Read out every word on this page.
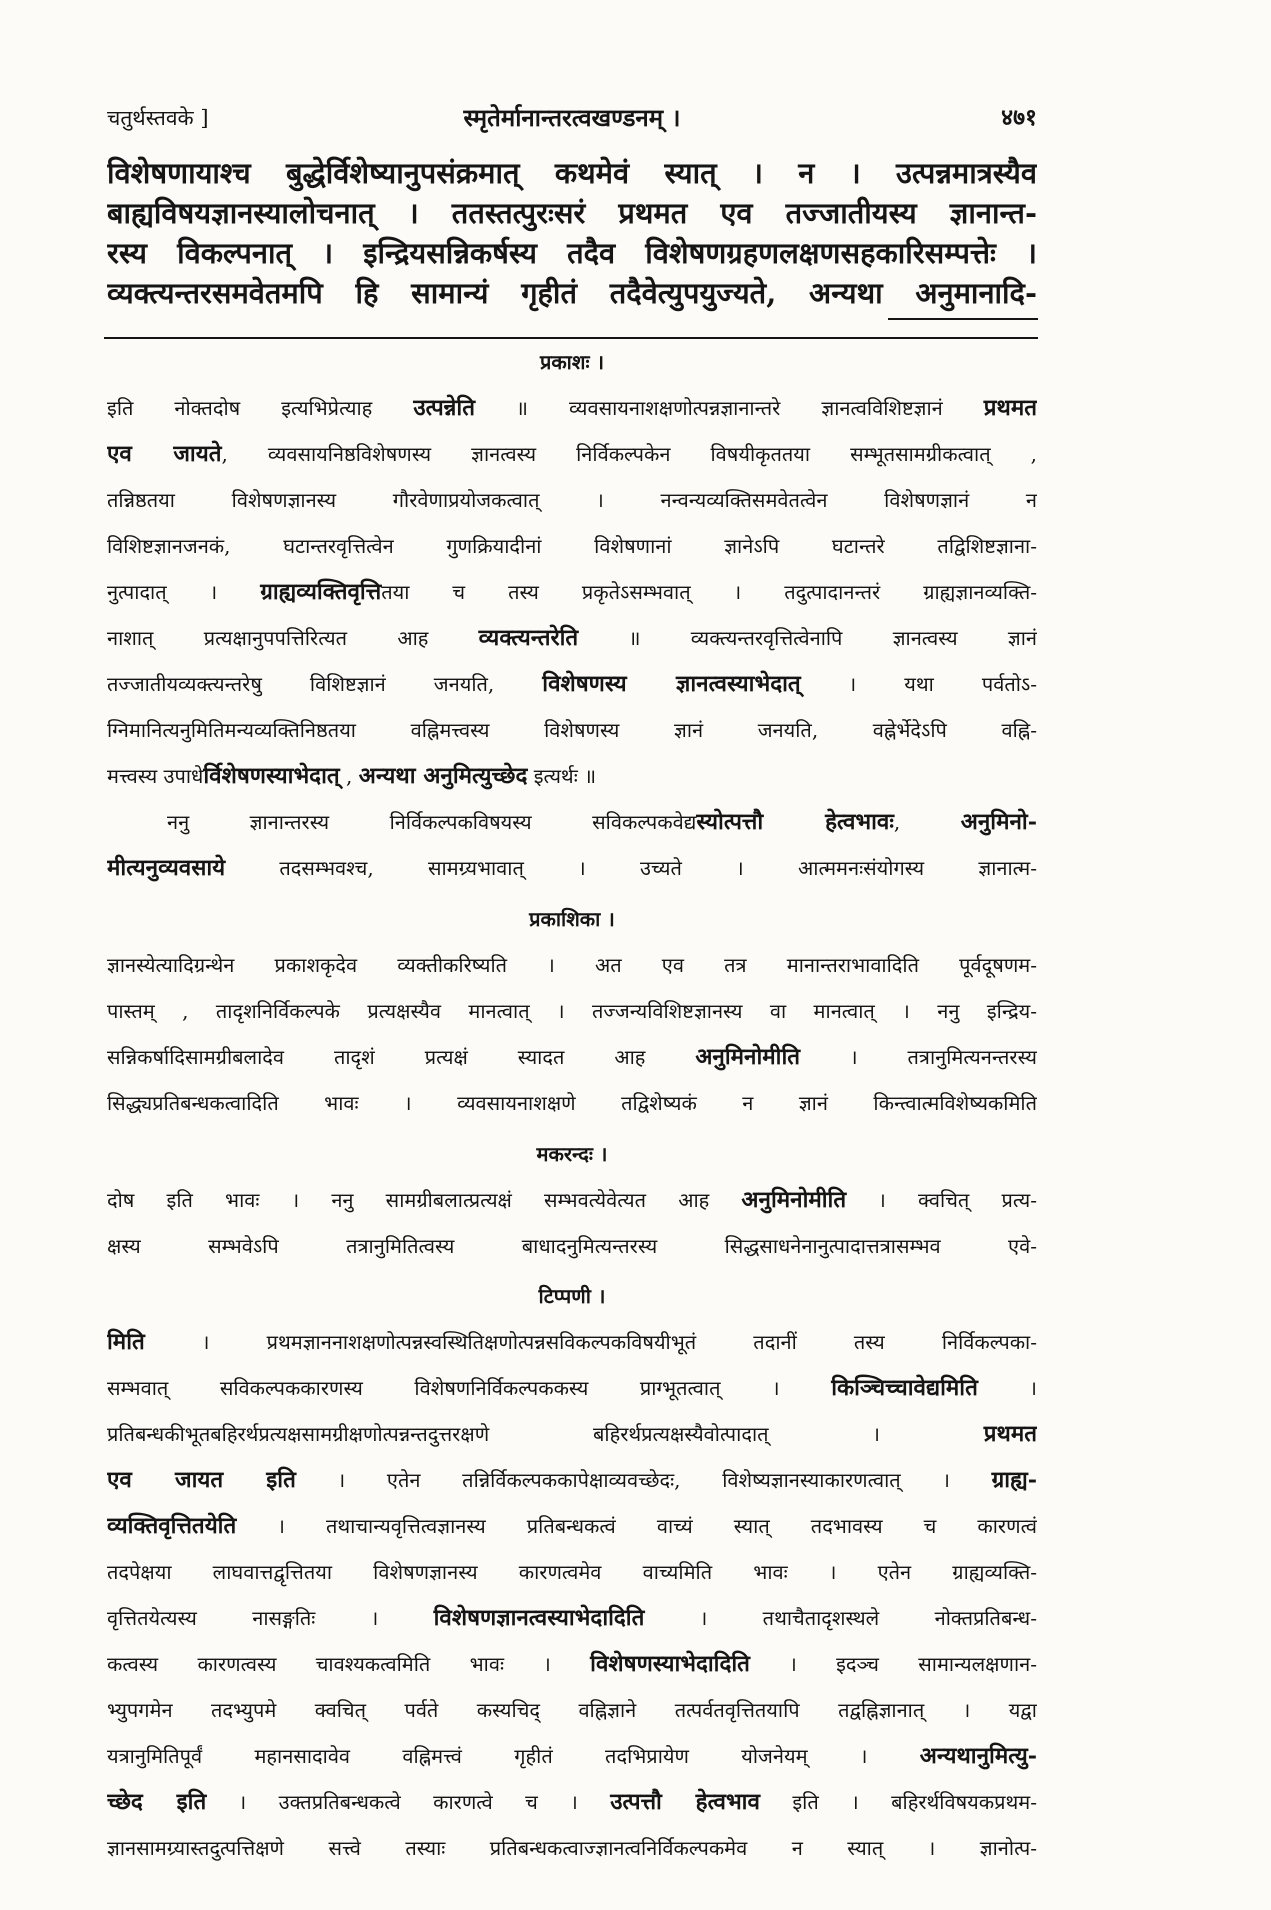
चतुर्थस्तवके ]	स्मृतेर्मानान्तरत्वखण्डनम् ।	४७१
विशेषणायाश्च बुद्धेर्विशेष्यानुपसंक्रमात् कथमेवं स्यात् । न । उत्पन्नमात्रस्यैव
बाह्यविषयज्ञानस्यालोचनात् । ततस्तत्पुरःसरं प्रथमत एव तज्जातीयस्य ज्ञानान्त-
रस्य विकल्पनात् । इन्द्रियसन्निकर्षस्य तदैव विशेषणग्रहणलक्षणसहकारिसम्पत्तेः ।
व्यक्त्यन्तरसमवेतमपि हि सामान्यं गृहीतं तदैवेत्युपयुज्यते, अन्यथा अनुमानादि-
प्रकाशः ।
इति नोक्तदोष इत्यभिप्रेत्याह उत्पन्नेति ॥ व्यवसायनाशक्षणोत्पन्नज्ञानान्तरे ज्ञानत्वविशिष्टज्ञानं प्रथमत
एव जायते, व्यवसायनिष्ठविशेषणस्य ज्ञानत्वस्य निर्विकल्पकेन विषयीकृततया सम्भूतसामग्रीकत्वात् ,
तन्निष्ठतया विशेषणज्ञानस्य गौरवेणाप्रयोजकत्वात् । नन्वन्यव्यक्तिसमवेतत्वेन विशेषणज्ञानं न
विशिष्टज्ञानजनकं, घटान्तरवृत्तित्वेन गुणक्रियादीनां विशेषणानां ज्ञानेऽपि घटान्तरे तद्विशिष्टज्ञाना-
नुत्पादात् । ग्राह्यव्यक्तिवृत्तितया च तस्य प्रकृतेऽसम्भवात् । तदुत्पादानन्तरं ग्राह्यज्ञानव्यक्ति-
नाशात् प्रत्यक्षानुपपत्तिरित्यत आह व्यक्त्यन्तरेति ॥ व्यक्त्यन्तरवृत्तित्वेनापि ज्ञानत्वस्य ज्ञानं
तज्जातीयव्यक्त्यन्तरेषु विशिष्टज्ञानं जनयति, विशेषणस्य ज्ञानत्वस्याभेदात् । यथा पर्वतोऽ-
ग्निमानित्यनुमितिमन्यव्यक्तिनिष्ठतया वह्निमत्त्वस्य विशेषणस्य ज्ञानं जनयति, वह्नेर्भेदेऽपि वह्नि-
मत्त्वस्य उपाधेर्विशेषणस्याभेदात् , अन्यथा अनुमित्युच्छेद इत्यर्थः ॥
ननु ज्ञानान्तरस्य निर्विकल्पकविषयस्य सविकल्पकवेद्यस्योत्पत्तौ हेत्वभावः, अनुमिनो-
मीत्यनुव्यवसाये तदसम्भवश्च, सामग्र्यभावात् । उच्यते । आत्ममनःसंयोगस्य ज्ञानात्म-
प्रकाशिका ।
ज्ञानस्येत्यादिग्रन्थेन प्रकाशकृदेव व्यक्तीकरिष्यति । अत एव तत्र मानान्तराभावादिति पूर्वदूषणम-
पास्तम् , तादृशनिर्विकल्पके प्रत्यक्षस्यैव मानत्वात् । तज्जन्यविशिष्टज्ञानस्य वा मानत्वात् । ननु इन्द्रिय-
सन्निकर्षादिसामग्रीबलादेव तादृशं प्रत्यक्षं स्यादत आह अनुमिनोमीति । तत्रानुमित्यनन्तरस्य
सिद्ध्यप्रतिबन्धकत्वादिति भावः । व्यवसायनाशक्षणे तद्विशेष्यकं न ज्ञानं किन्त्वात्मविशेष्यकमिति
मकरन्दः ।
दोष इति भावः । ननु सामग्रीबलात्प्रत्यक्षं सम्भवत्येवेत्यत आह अनुमिनोमीति । क्वचित् प्रत्य-
क्षस्य सम्भवेऽपि तत्रानुमितित्वस्य बाधादनुमित्यन्तरस्य सिद्धसाधनेनानुत्पादात्तत्रासम्भव एवे-
टिप्पणी ।
मिति । प्रथमज्ञाननाशक्षणोत्पन्नस्वस्थितिक्षणोत्पन्नसविकल्पकविषयीभूतं तदानीं तस्य निर्विकल्पका-
सम्भवात् सविकल्पककारणस्य विशेषणनिर्विकल्पककस्य प्राग्भूतत्वात् । किञ्चिच्चावेद्यमिति ।
प्रतिबन्धकीभूतबहिरर्थप्रत्यक्षसामग्रीक्षणोत्पन्नन्तदुत्तरक्षणे बहिरर्थप्रत्यक्षस्यैवोत्पादात् । प्रथमत
एव जायत इति । एतेन तन्निर्विकल्पककापेक्षाव्यवच्छेदः, विशेष्यज्ञानस्याकारणत्वात् । ग्राह्य-
व्यक्तिवृत्तितयेति । तथाचान्यवृत्तित्वज्ञानस्य प्रतिबन्धकत्वं वाच्यं स्यात् तदभावस्य च कारणत्वं
तदपेक्षया लाघवात्तद्वृत्तितया विशेषणज्ञानस्य कारणत्वमेव वाच्यमिति भावः । एतेन ग्राह्यव्यक्ति-
वृत्तितयेत्यस्य नासङ्गतिः । विशेषणज्ञानत्वस्याभेदादिति । तथाचैतादृशस्थले नोक्तप्रतिबन्ध-
कत्वस्य कारणत्वस्य चावश्यकत्वमिति भावः । विशेषणस्याभेदादिति । इदञ्च सामान्यलक्षणान-
भ्युपगमेन तदभ्युपमे क्वचित् पर्वते कस्यचिद् वह्निज्ञाने तत्पर्वतवृत्तितयापि तद्वह्निज्ञानात् । यद्वा
यत्रानुमितिपूर्वं महानसादावेव वह्निमत्त्वं गृहीतं तदभिप्रायेण योजनेयम् । अन्यथानुमित्यु-
च्छेद इति । उक्तप्रतिबन्धकत्वे कारणत्वे च । उत्पत्तौ हेत्वभाव इति । बहिरर्थविषयकप्रथम-
ज्ञानसामग्र्यास्तदुत्पत्तिक्षणे सत्त्वे तस्याः प्रतिबन्धकत्वाज्ज्ञानत्वनिर्विकल्पकमेव न स्यात् । ज्ञानोत्प-
